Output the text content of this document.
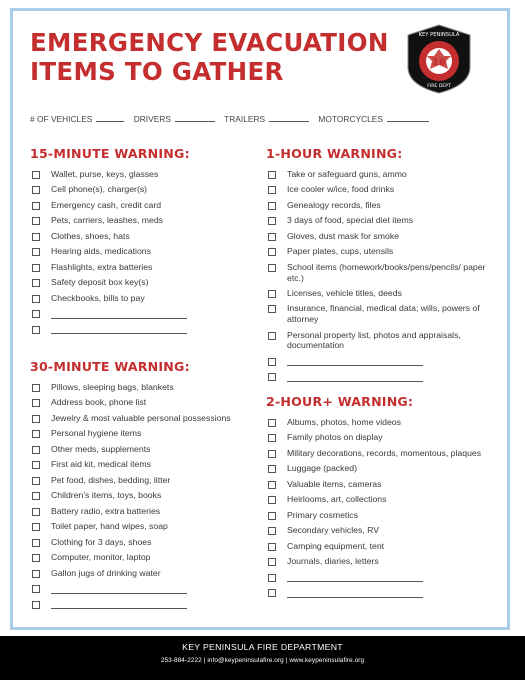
EMERGENCY EVACUATION
ITEMS TO GATHER
KEY PENINSULA
16
FIRE DEPT
# OF VEHICLES	DRIVERS	TRAILERS	MOTORCYCLES
15-MINUTE WARNING:
Wallet, purse, keys, glasses
Cell phone(s), charger(s)
Emergency cash, credit card
Pets, carriers, leashes, meds
Clothes, shoes, hats
Hearing aids, medications
Flashlights, extra batteries
Safety deposit box key(s)
Checkbooks, bills to pay
30-MINUTE WARNING:
Pillows, sleeping bags, blankets
Address book, phone list
Jewelry & most valuable personal possessions
Personal hygiene items
Other meds, supplements
First aid kit, medical items
Pet food, dishes, bedding, litter
Children's items, toys, books
Battery radio, extra batteries
Toilet paper, hand wipes, soap
Clothing for 3 days, shoes
Computer, monitor, laptop
Gallon jugs of drinking water
1-HOUR WARNING:
Take or safeguard guns, ammo
Ice cooler w/ice, food drinks
Genealogy records, files
3 days of food, special diet items
Gloves, dust mask for smoke
Paper plates, cups, utensils
School items (homework/books/pens/pencils/ paper etc.)
Licenses, vehicle titles, deeds
Insurance, financial, medical data; wills, powers of attorney
Personal property list, photos and appraisals, documentation
2-HOUR+ WARNING:
Albums, photos, home videos
Family photos on display
Military decorations, records, momentous, plaques
Luggage (packed)
Valuable items, cameras
Heirlooms, art, collections
Primary cosmetics
Secondary vehicles, RV
Camping equipment, tent
Journals, diaries, letters
KEY PENINSULA FIRE DEPARTMENT
253-884-2222 | info@keypeninsulafire.org | www.keypeninsulafire.org
